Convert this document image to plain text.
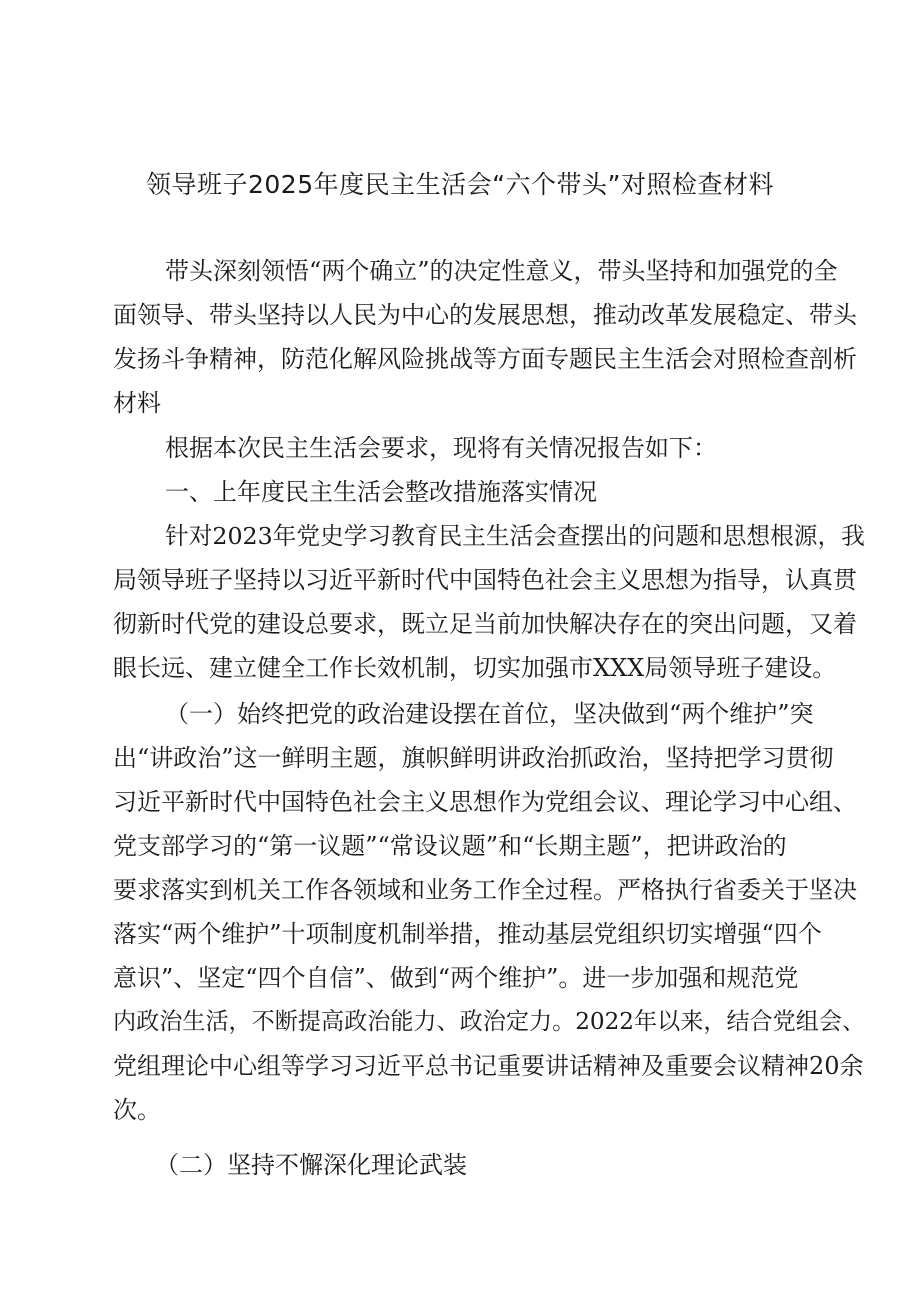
领导班子2025年度民主生活会“六个带头”对照检查材料

带头深刻领悟“两个确立”的决定性意义，带头坚持和加强党的全

面领导、带头坚持以人民为中心的发展思想，推动改革发展稳定、带头

发扬斗争精神，防范化解风险挑战等方面专题民主生活会对照检查剖析

材料

根据本次民主生活会要求，现将有关情况报告如下：

一、上年度民主生活会整改措施落实情况

针对2023年党史学习教育民主生活会查摆出的问题和思想根源，我

局领导班子坚持以习近平新时代中国特色社会主义思想为指导，认真贯

彻新时代党的建设总要求，既立足当前加快解决存在的突出问题，又着

眼长远、建立健全工作长效机制，切实加强市XXX局领导班子建设。

（一）始终把党的政治建设摆在首位，坚决做到“两个维护”突

出“讲政治”这一鲜明主题，旗帜鲜明讲政治抓政治，坚持把学习贯彻

习近平新时代中国特色社会主义思想作为党组会议、理论学习中心组、

党支部学习的“第一议题”“常设议题”和“长期主题”，把讲政治的

要求落实到机关工作各领域和业务工作全过程。严格执行省委关于坚决

落实“两个维护”十项制度机制举措，推动基层党组织切实增强“四个

意识”、坚定“四个自信”、做到“两个维护”。进一步加强和规范党

内政治生活，不断提高政治能力、政治定力。2022年以来，结合党组会、

党组理论中心组等学习习近平总书记重要讲话精神及重要会议精神20余

次。

（二）坚持不懈深化理论武装
